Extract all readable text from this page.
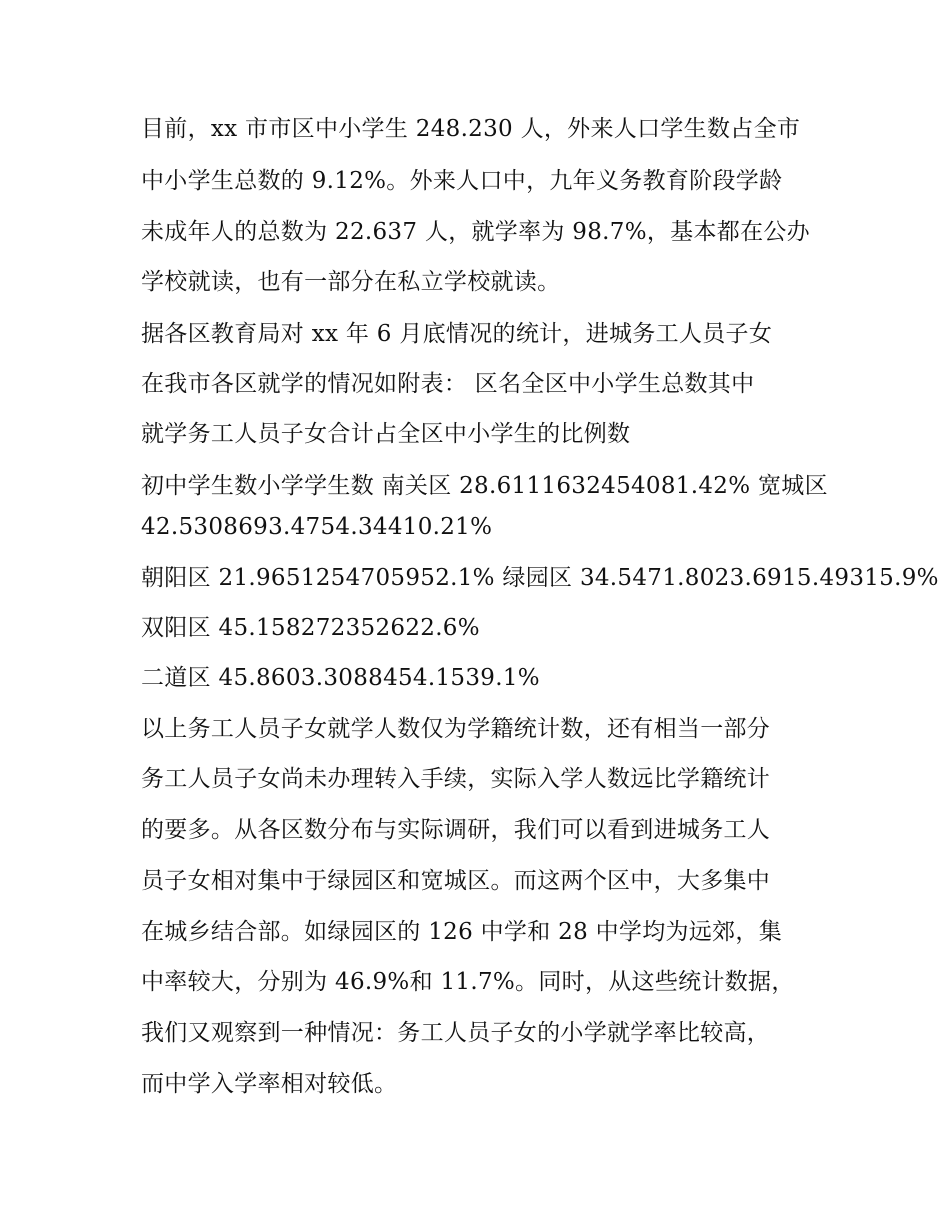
目前，xx 市市区中小学生 248.230 人，外来人口学生数占全市
中小学生总数的 9.12%。外来人口中，九年义务教育阶段学龄
未成年人的总数为 22.637 人，就学率为 98.7%，基本都在公办
学校就读，也有一部分在私立学校就读。
据各区教育局对 xx 年 6 月底情况的统计，进城务工人员子女
在我市各区就学的情况如附表： 区名全区中小学生总数其中
就学务工人员子女合计占全区中小学生的比例数
初中学生数小学学生数 南关区 28.6111632454081.42% 宽城区
42.5308693.4754.34410.21%
朝阳区 21.9651254705952.1% 绿园区 34.5471.8023.6915.49315.9%
双阳区 45.158272352622.6%
二道区 45.8603.3088454.1539.1%
以上务工人员子女就学人数仅为学籍统计数，还有相当一部分
务工人员子女尚未办理转入手续，实际入学人数远比学籍统计
的要多。从各区数分布与实际调研，我们可以看到进城务工人
员子女相对集中于绿园区和宽城区。而这两个区中，大多集中
在城乡结合部。如绿园区的 126 中学和 28 中学均为远郊，集
中率较大，分别为 46.9%和 11.7%。同时，从这些统计数据，
我们又观察到一种情况：务工人员子女的小学就学率比较高，
而中学入学率相对较低。
